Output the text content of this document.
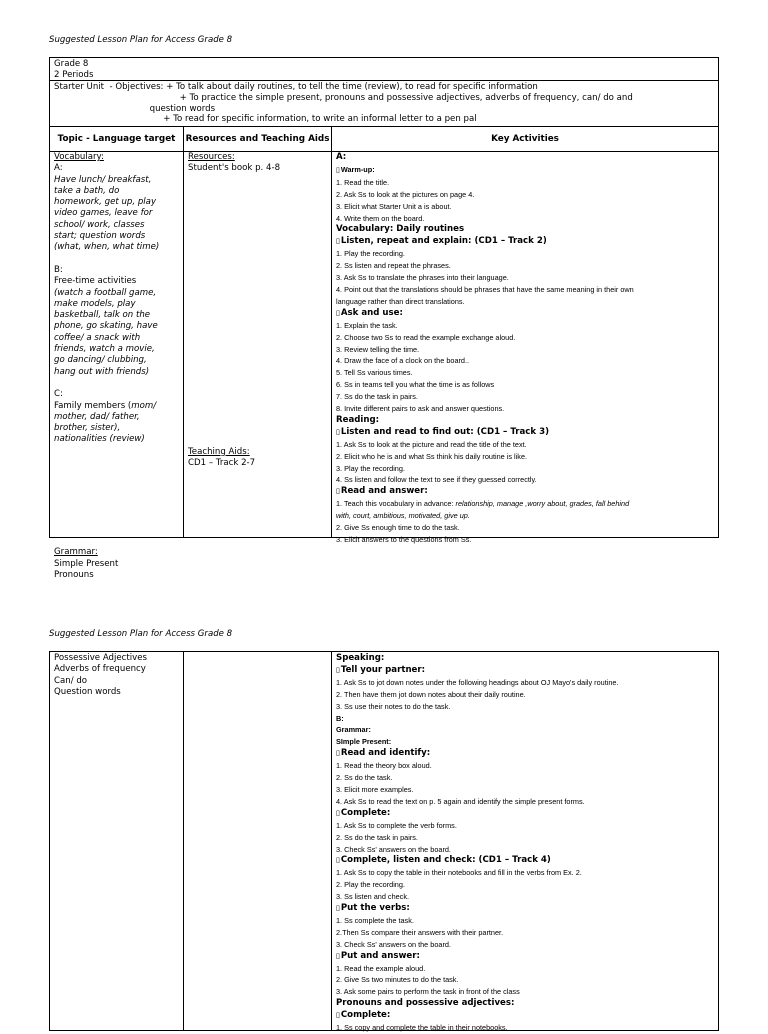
Suggested Lesson Plan for Access Grade 8
Grade 8
2 Periods
Starter Unit  - Objectives: + To talk about daily routines, to tell the time (review), to read for specific information
+ To practice the simple present, pronouns and possessive adjectives, adverbs of frequency, can/ do and
question words
+ To read for specific information, to write an informal letter to a pen pal
Topic - Language target	Resources and Teaching Aids	Key Activities
Vocabulary:
A:
Have lunch/ breakfast,
take a bath, do
homework, get up, play
video games, leave for
school/ work, classes
start; question words
(what, when, what time)
B:
Free-time activities
(watch a football game,
make models, play
basketball, talk on the
phone, go skating, have
coffee/ a snack with
friends, watch a movie,
go dancing/ clubbing,
hang out with friends)
C:
Family members (mom/
mother, dad/ father,
brother, sister),
nationalities (review)
Grammar:
Simple Present
Pronouns
Resources:
Student's book p. 4-8
Teaching Aids:
CD1 – Track 2-7
A:
▯Warm-up:
1. Read the title.
2. Ask Ss to look at the pictures on page 4.
3. Elicit what Starter Unit a is about.
4. Write them on the board.
Vocabulary: Daily routines
▯Listen, repeat and explain: (CD1 – Track 2)
1. Play the recording.
2. Ss listen and repeat the phrases.
3. Ask Ss to translate the phrases into their language.
4. Point out that the translations should be phrases that have the same meaning in their own
language rather than direct translations.
▯Ask and use:
1. Explain the task.
2. Choose two Ss to read the example exchange aloud.
3. Review telling the time.
4. Draw the face of a clock on the board..
5. Tell Ss various times.
6. Ss in teams tell you what the time is as follows
7. Ss do the task in pairs.
8. Invite different pairs to ask and answer questions.
Reading:
▯Listen and read to find out: (CD1 – Track 3)
1. Ask Ss to look at the picture and read the title of the text.
2. Elicit who he is and what Ss think his daily routine is like.
3. Play the recording.
4. Ss listen and follow the text to see if they guessed correctly.
▯Read and answer:
1. Teach this vocabulary in advance: relationship, manage ,worry about, grades, fall behind
with, court, ambitious, motivated, give up.
2. Give Ss enough time to do the task.
3. Elicit answers to the questions from Ss.
Suggested Lesson Plan for Access Grade 8
Possessive Adjectives
Adverbs of frequency
Can/ do
Question words
Speaking:
▯Tell your partner:
1. Ask Ss to jot down notes under the following headings about OJ Mayo's daily routine.
2. Then have them jot down notes about their daily routine.
3. Ss use their notes to do the task.
B:
Grammar:
SImple Present:
▯Read and identify:
1. Read the theory box aloud.
2. Ss do the task.
3. Elicit more examples.
4. Ask Ss to read the text on p. 5 again and identify the simple present forms.
▯Complete:
1. Ask Ss to complete the verb forms.
2. Ss do the task in pairs.
3. Check Ss' answers on the board.
▯Complete, listen and check: (CD1 – Track 4)
1. Ask Ss to copy the table in their notebooks and fill in the verbs from Ex. 2.
2. Play the recording.
3. Ss listen and check.
▯Put the verbs:
1. Ss complete the task.
2.Then Ss compare their answers with their partner.
3. Check Ss' answers on the board.
▯Put and answer:
1. Read the example aloud.
2. Give Ss two minutes to do the task.
3. Ask some pairs to perform the task in front of the class
Pronouns and possessive adjectives:
▯Complete:
1. Ss copy and complete the table in their notebooks.
